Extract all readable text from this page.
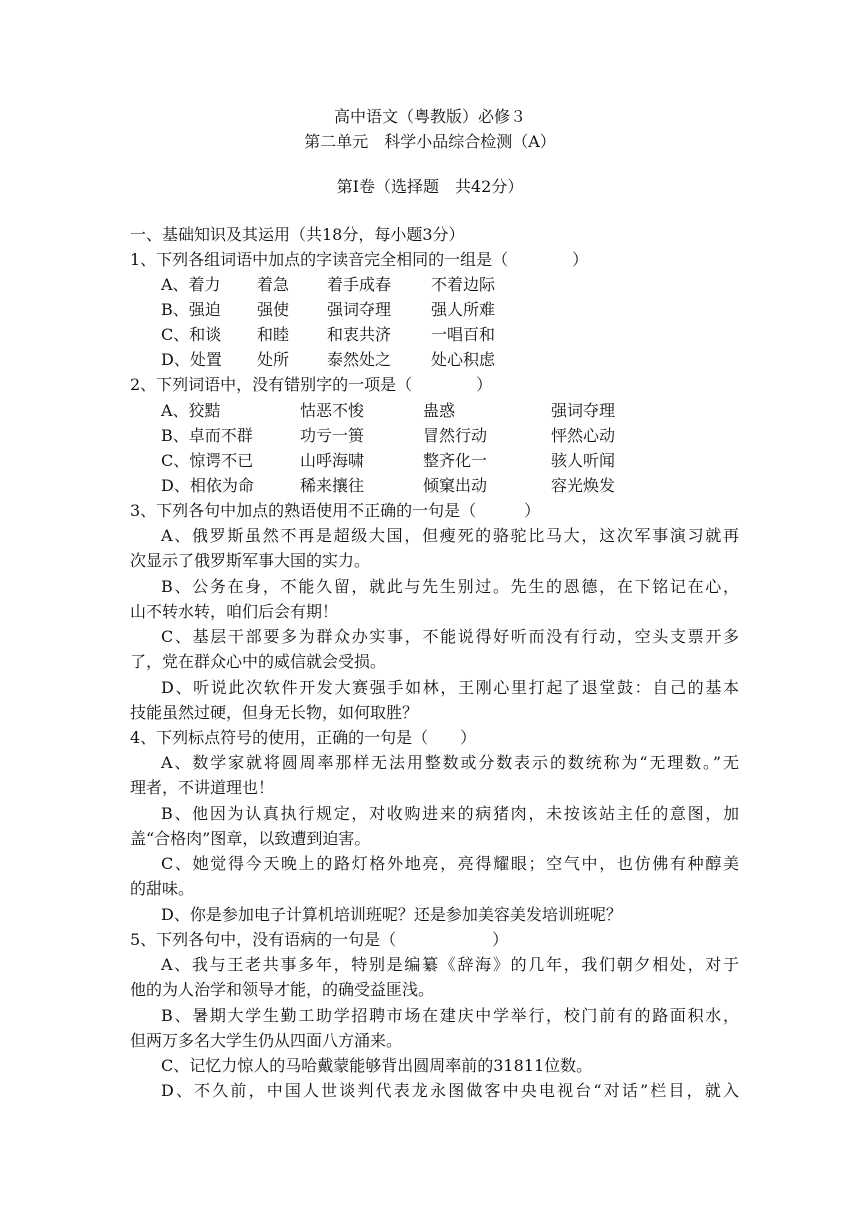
高中语文（粤教版）必修３
第二单元　科学小品综合检测（A）
第Ⅰ卷（选择题　共42分）
一、基础知识及其运用（共18分，每小题3分）
1、下列各组词语中加点的字读音完全相同的一组是（　　　　）
A、着力 着急 着手成春 不着边际
B、强迫 强使 强词夺理 强人所难
C、和谈 和睦 和衷共济 一唱百和
D、处置 处所 泰然处之 处心积虑
2、下列词语中，没有错别字的一项是（　　　　）
A、狡黠	怙恶不悛	蛊惑	强词夺理
B、卓而不群	功亏一篑	冒然行动	怦然心动
C、惊谔不已	山呼海啸	整齐化一	骇人听闻
D、相依为命	稀来攘往	倾窠出动	容光焕发
3、下列各句中加点的熟语使用不正确的一句是（　　　）
A、俄罗斯虽然不再是超级大国，但瘦死的骆驼比马大，这次军事演习就再
次显示了俄罗斯军事大国的实力。
B、公务在身，不能久留，就此与先生别过。先生的恩德，在下铭记在心，
山不转水转，咱们后会有期！
C、基层干部要多为群众办实事，不能说得好听而没有行动，空头支票开多
了，党在群众心中的威信就会受损。
D、听说此次软件开发大赛强手如林，王刚心里打起了退堂鼓：自己的基本
技能虽然过硬，但身无长物，如何取胜？
4、下列标点符号的使用，正确的一句是（　　）
A、数学家就将圆周率那样无法用整数或分数表示的数统称为“无理数。”无
理者，不讲道理也！
B、他因为认真执行规定，对收购进来的病猪肉，未按该站主任的意图，加
盖“合格肉”图章，以致遭到迫害。
C、她觉得今天晚上的路灯格外地亮，亮得耀眼；空气中，也仿佛有种醇美
的甜味。
D、你是参加电子计算机培训班呢？还是参加美容美发培训班呢？
5、下列各句中，没有语病的一句是（　　　　　　）
A、我与王老共事多年，特别是编纂《辞海》的几年，我们朝夕相处，对于
他的为人治学和领导才能，的确受益匪浅。
B、暑期大学生勤工助学招聘市场在建庆中学举行，校门前有的路面积水，
但两万多名大学生仍从四面八方涌来。
C、记忆力惊人的马哈戴蒙能够背出圆周率前的31811位数。
D、不久前，中国人世谈判代表龙永图做客中央电视台“对话”栏目，就入
